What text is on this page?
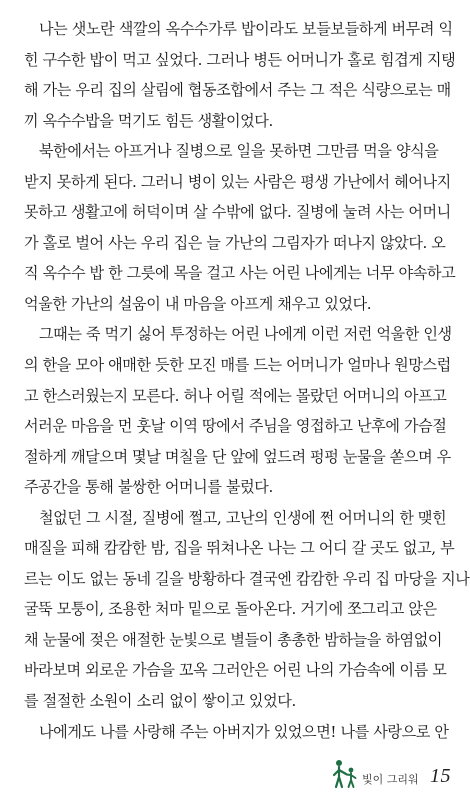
나는 샛노란 색깔의 옥수수가루 밥이라도 보들보들하게 버무려 익
힌 구수한 밥이 먹고 싶었다. 그러나 병든 어머니가 홀로 힘겹게 지탱
해 가는 우리 집의 살림에 협동조합에서 주는 그 적은 식량으로는 매
끼 옥수수밥을 먹기도 힘든 생활이었다.
북한에서는 아프거나 질병으로 일을 못하면 그만큼 먹을 양식을
받지 못하게 된다. 그러니 병이 있는 사람은 평생 가난에서 헤어나지
못하고 생활고에 허덕이며 살 수밖에 없다. 질병에 눌려 사는 어머니
가 홀로 벌어 사는 우리 집은 늘 가난의 그림자가 떠나지 않았다. 오
직 옥수수 밥 한 그릇에 목을 걸고 사는 어린 나에게는 너무 야속하고
억울한 가난의 설움이 내 마음을 아프게 채우고 있었다.
그때는 죽 먹기 싫어 투정하는 어린 나에게 이런 저런 억울한 인생
의 한을 모아 애매한 듯한 모진 매를 드는 어머니가 얼마나 원망스럽
고 한스러웠는지 모른다. 허나 어릴 적에는 몰랐던 어머니의 아프고
서러운 마음을 먼 훗날 이역 땅에서 주님을 영접하고 난후에 가슴절
절하게 깨달으며 몇날 며칠을 단 앞에 엎드려 펑펑 눈물을 쏟으며 우
주공간을 통해 불쌍한 어머니를 불렀다.
철없던 그 시절, 질병에 쩔고, 고난의 인생에 쩐 어머니의 한 맺힌
매질을 피해 캄캄한 밤, 집을 뛰쳐나온 나는 그 어디 갈 곳도 없고, 부
르는 이도 없는 동네 길을 방황하다 결국엔 캄캄한 우리 집 마당을 지나
굴뚝 모퉁이, 조용한 처마 밑으로 돌아온다. 거기에 쪼그리고 앉은
채 눈물에 젖은 애절한 눈빛으로 별들이 총총한 밤하늘을 하염없이
바라보며 외로운 가슴을 꼬옥 그러안은 어린 나의 가슴속에 이름 모
를 절절한 소원이 소리 없이 쌓이고 있었다.
나에게도 나를 사랑해 주는 아버지가 있었으면! 나를 사랑으로 안
빛이 그리워 15
